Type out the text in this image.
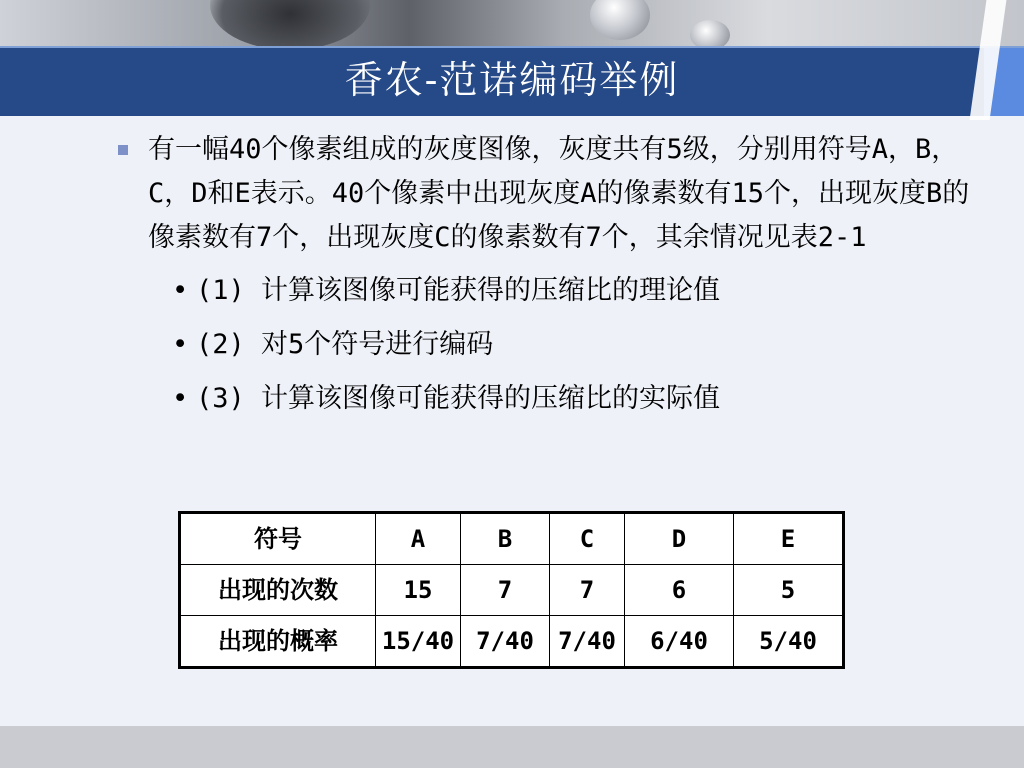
香农-范诺编码举例
有一幅40个像素组成的灰度图像，灰度共有5级，分别用符号A，B，C，D和E表示。40个像素中出现灰度A的像素数有15个，出现灰度B的像素数有7个，出现灰度C的像素数有7个，其余情况见表2-1
• (1) 计算该图像可能获得的压缩比的理论值
• (2) 对5个符号进行编码
• (3) 计算该图像可能获得的压缩比的实际值
符号	A	B	C	D	E
出现的次数	15	7	7	6	5
出现的概率	15/40	7/40	7/40	6/40	5/40
